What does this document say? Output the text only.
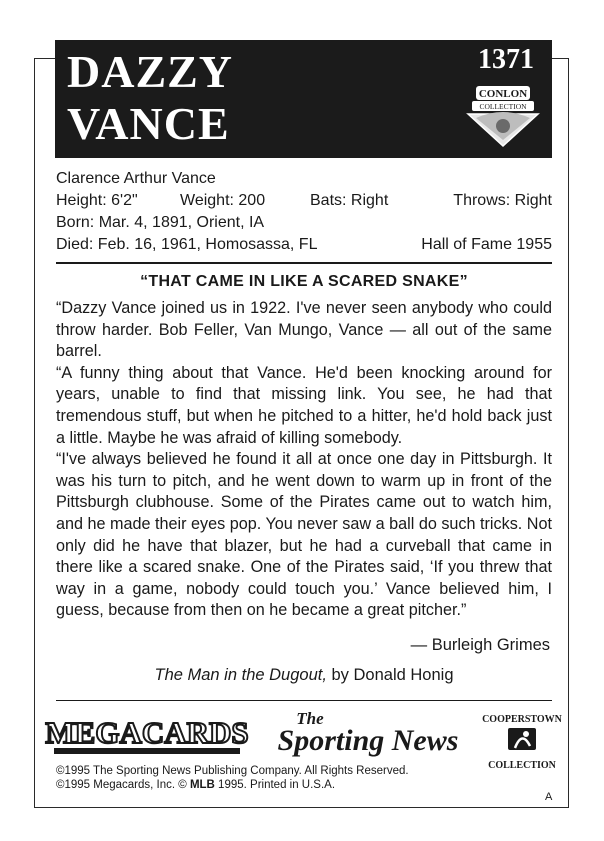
DAZZY
VANCE
1371
CONLON
COLLECTION
Clarence Arthur Vance
Height: 6'2"	Weight: 200	Bats: Right	Throws: Right
Born: Mar. 4, 1891, Orient, IA
Died: Feb. 16, 1961, Homosassa, FL	Hall of Fame 1955
“THAT CAME IN LIKE A SCARED SNAKE”

“Dazzy Vance joined us in 1922. I've never seen anybody who could throw harder. Bob Feller, Van Mungo, Vance — all out of the same barrel.

“A funny thing about that Vance. He'd been knocking around for years, unable to find that missing link. You see, he had that tremendous stuff, but when he pitched to a hitter, he'd hold back just a little. Maybe he was afraid of killing somebody.

“I've always believed he found it all at once one day in Pittsburgh. It was his turn to pitch, and he went down to warm up in front of the Pittsburgh clubhouse. Some of the Pirates came out to watch him, and he made their eyes pop. You never saw a ball do such tricks. Not only did he have that blazer, but he had a curveball that came in there like a scared snake. One of the Pirates said, ‘If you threw that way in a game, nobody could touch you.’ Vance believed him, I guess, because from then on he became a great pitcher.”

— Burleigh Grimes
The Man in the Dugout, by Donald Honig
MEGACARDS	The
Sporting News
COOPERSTOWN
COLLECTION
©1995 The Sporting News Publishing Company. All Rights Reserved.
©1995 Megacards, Inc. © MLB 1995. Printed in U.S.A.
A
